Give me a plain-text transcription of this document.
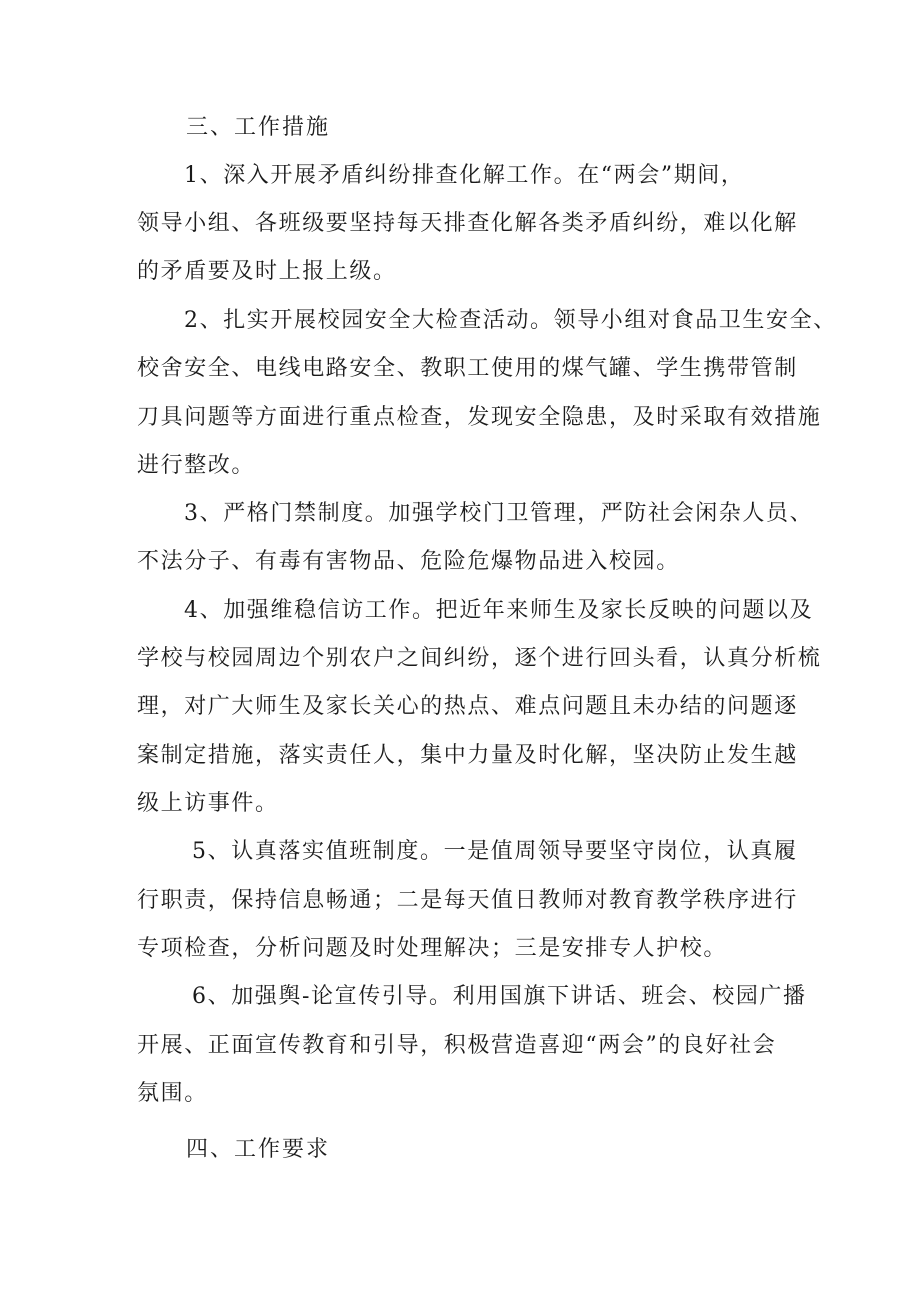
三、工作措施
1、深入开展矛盾纠纷排查化解工作。在“两会”期间，
领导小组、各班级要坚持每天排查化解各类矛盾纠纷，难以化解
的矛盾要及时上报上级。
2、扎实开展校园安全大检查活动。领导小组对食品卫生安全、
校舍安全、电线电路安全、教职工使用的煤气罐、学生携带管制
刀具问题等方面进行重点检查，发现安全隐患，及时采取有效措施
进行整改。
3、严格门禁制度。加强学校门卫管理，严防社会闲杂人员、
不法分子、有毒有害物品、危险危爆物品进入校园。
4、加强维稳信访工作。把近年来师生及家长反映的问题以及
学校与校园周边个别农户之间纠纷，逐个进行回头看，认真分析梳
理，对广大师生及家长关心的热点、难点问题且未办结的问题逐
案制定措施，落实责任人，集中力量及时化解，坚决防止发生越
级上访事件。
5、认真落实值班制度。一是值周领导要坚守岗位，认真履
行职责，保持信息畅通；二是每天值日教师对教育教学秩序进行
专项检查，分析问题及时处理解决；三是安排专人护校。
6、加强舆-论宣传引导。利用国旗下讲话、班会、校园广播
开展、正面宣传教育和引导，积极营造喜迎“两会”的良好社会
氛围。
四、工作要求
